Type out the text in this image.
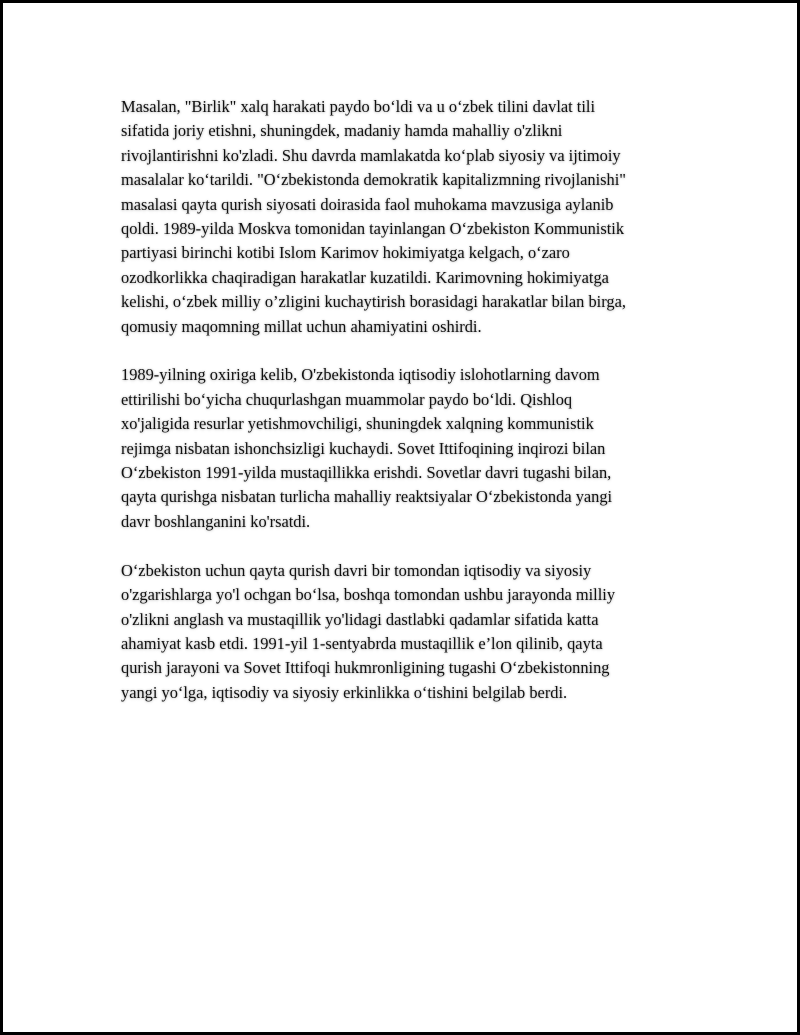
Masalan, "Birlik" xalq harakati paydo bo‘ldi va u o‘zbek tilini davlat tili
sifatida joriy etishni, shuningdek, madaniy hamda mahalliy o'zlikni
rivojlantirishni ko'zladi. Shu davrda mamlakatda ko‘plab siyosiy va ijtimoiy
masalalar ko‘tarildi. "O‘zbekistonda demokratik kapitalizmning rivojlanishi"
masalasi qayta qurish siyosati doirasida faol muhokama mavzusiga aylanib
qoldi. 1989-yilda Moskva tomonidan tayinlangan O‘zbekiston Kommunistik
partiyasi birinchi kotibi Islom Karimov hokimiyatga kelgach, o‘zaro
ozodkorlikka chaqiradigan harakatlar kuzatildi. Karimovning hokimiyatga
kelishi, o‘zbek milliy o’zligini kuchaytirish borasidagi harakatlar bilan birga,
qomusiy maqomning millat uchun ahamiyatini oshirdi.

1989-yilning oxiriga kelib, O'zbekistonda iqtisodiy islohotlarning davom
ettirilishi bo‘yicha chuqurlashgan muammolar paydo bo‘ldi. Qishloq
xo'jaligida resurlar yetishmovchiligi, shuningdek xalqning kommunistik
rejimga nisbatan ishonchsizligi kuchaydi. Sovet Ittifoqining inqirozi bilan
O‘zbekiston 1991-yilda mustaqillikka erishdi. Sovetlar davri tugashi bilan,
qayta qurishga nisbatan turlicha mahalliy reaktsiyalar O‘zbekistonda yangi
davr boshlanganini ko'rsatdi.

O‘zbekiston uchun qayta qurish davri bir tomondan iqtisodiy va siyosiy
o'zgarishlarga yo'l ochgan bo‘lsa, boshqa tomondan ushbu jarayonda milliy
o'zlikni anglash va mustaqillik yo'lidagi dastlabki qadamlar sifatida katta
ahamiyat kasb etdi. 1991-yil 1-sentyabrda mustaqillik e’lon qilinib, qayta
qurish jarayoni va Sovet Ittifoqi hukmronligining tugashi O‘zbekistonning
yangi yo‘lga, iqtisodiy va siyosiy erkinlikka o‘tishini belgilab berdi.
